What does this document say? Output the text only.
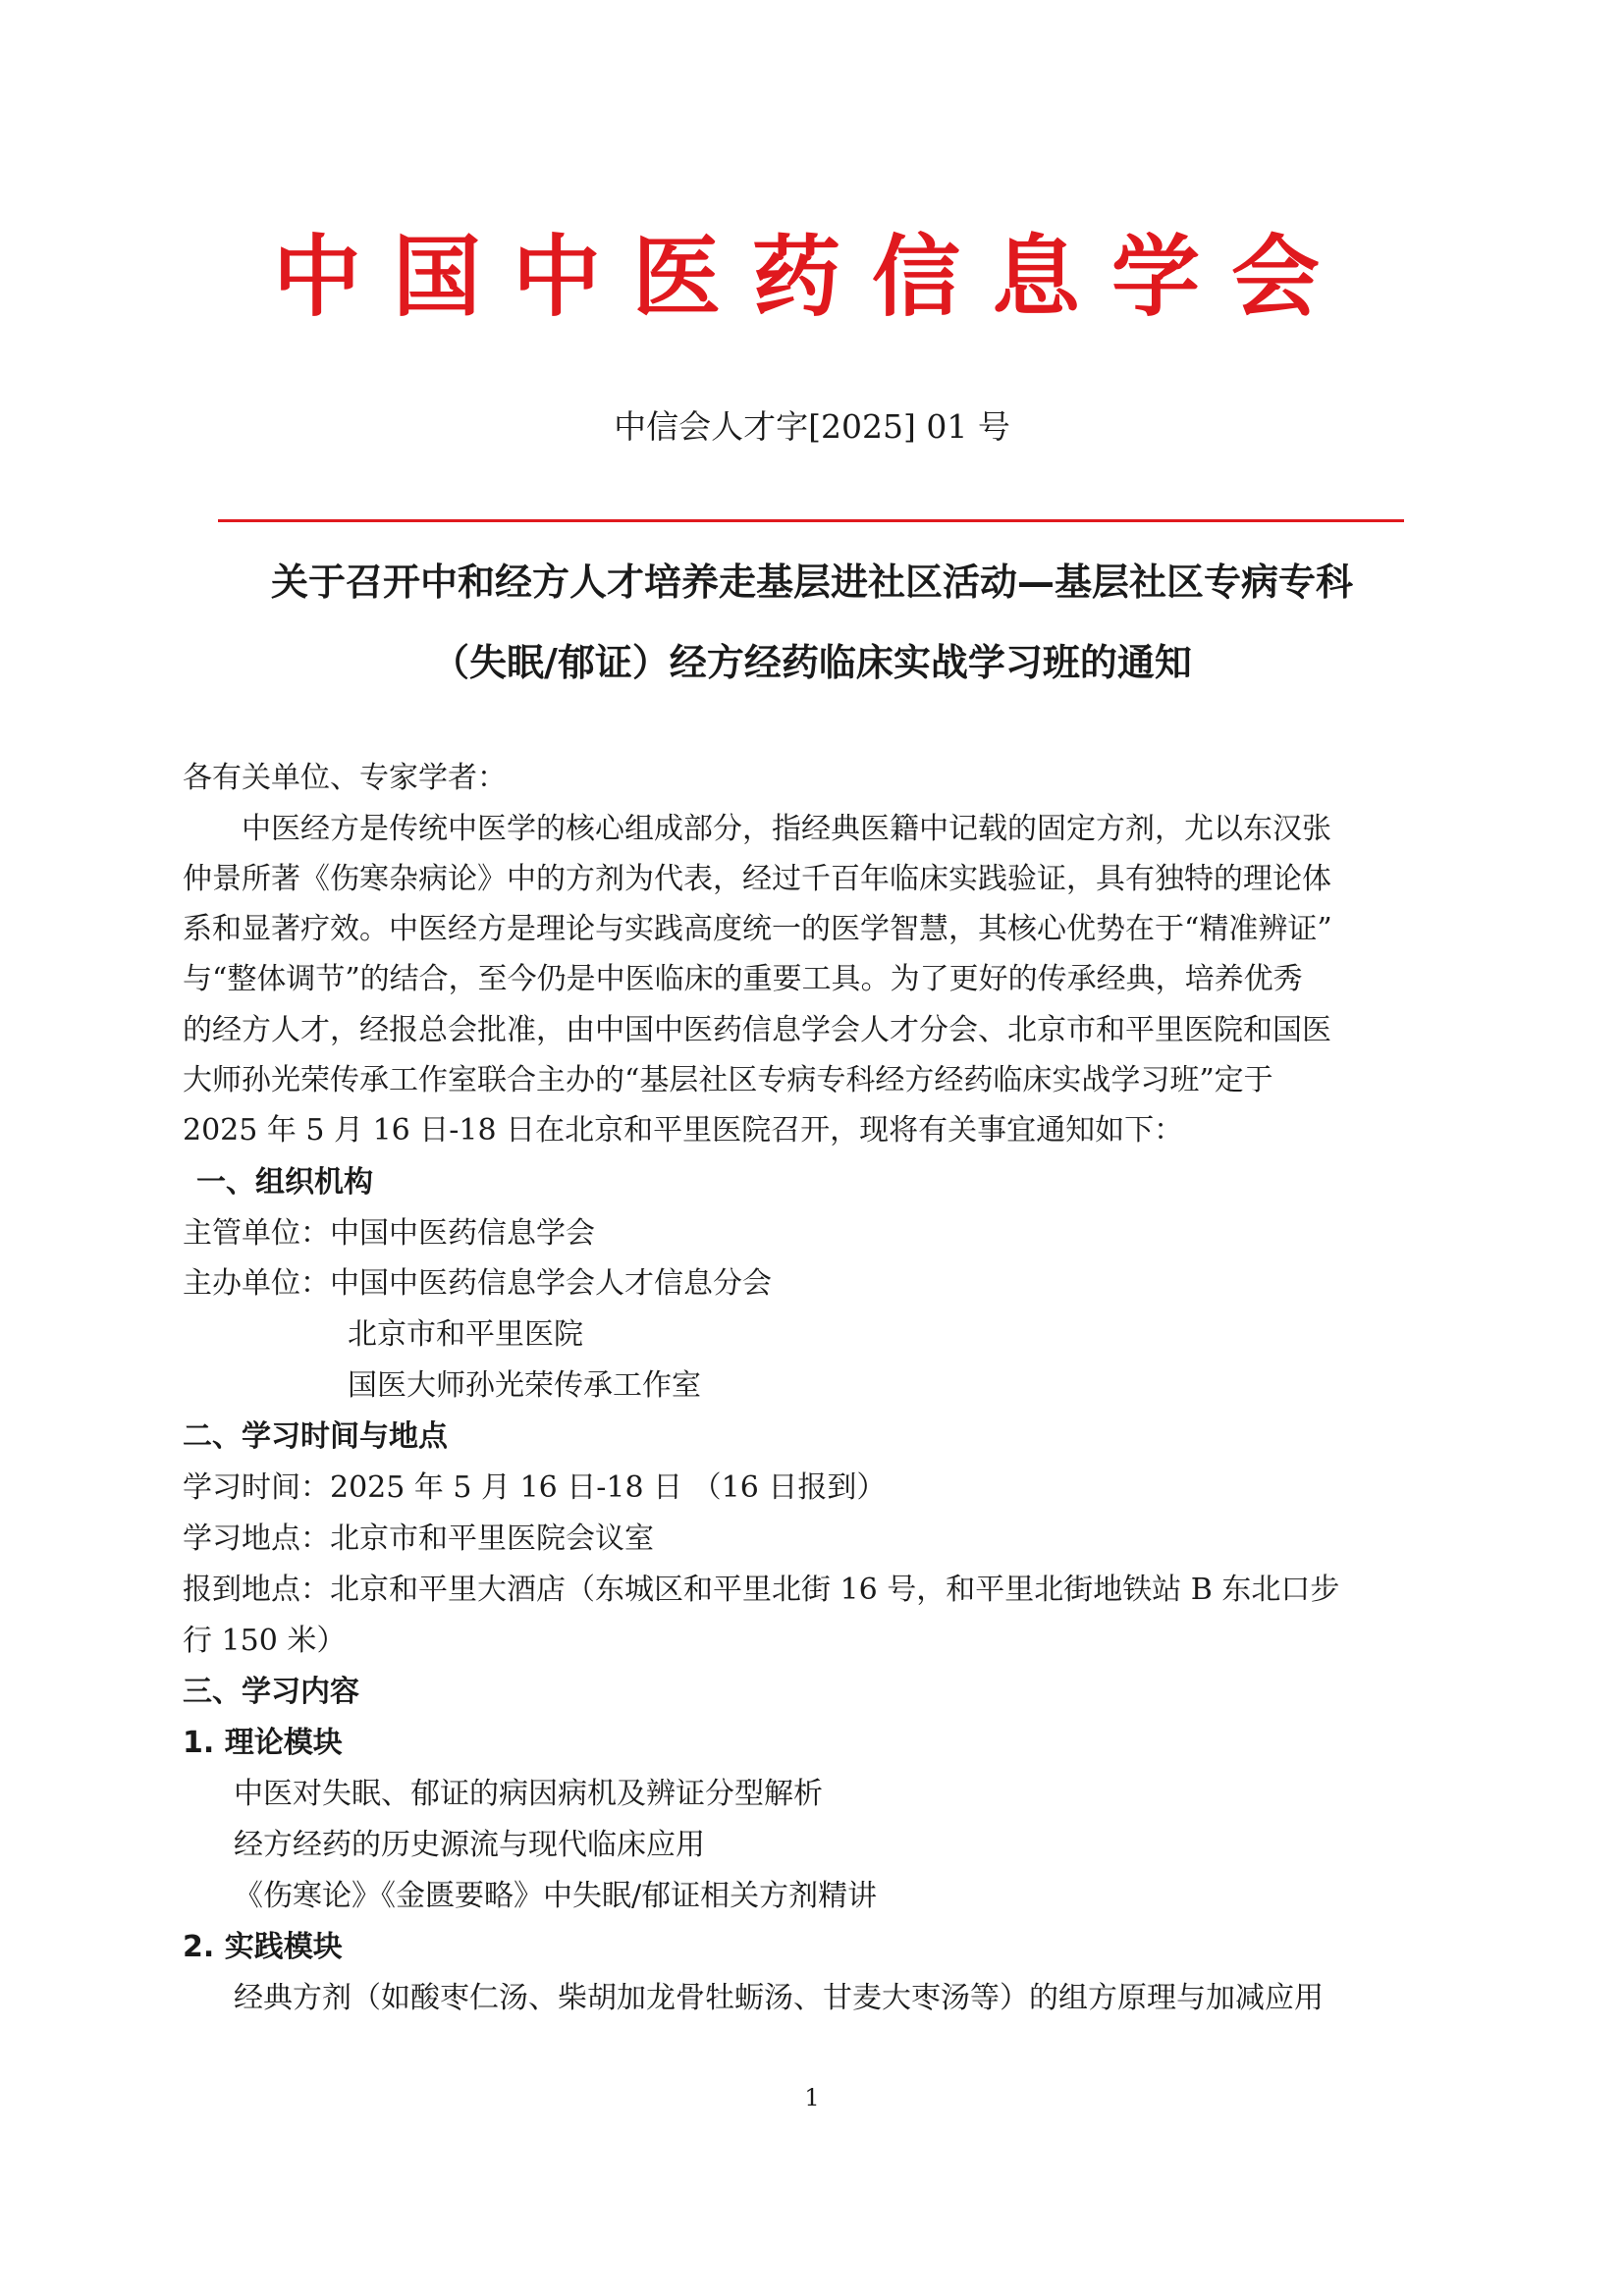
中国中医药信息学会

中信会人才字[2025] 01 号

关于召开中和经方人才培养走基层进社区活动—基层社区专病专科
（失眠/郁证）经方经药临床实战学习班的通知

各有关单位、专家学者：

中医经方是传统中医学的核心组成部分，指经典医籍中记载的固定方剂，尤以东汉张

仲景所著《伤寒杂病论》中的方剂为代表，经过千百年临床实践验证，具有独特的理论体

系和显著疗效。中医经方是理论与实践高度统一的医学智慧，其核心优势在于“精准辨证”

与“整体调节”的结合，至今仍是中医临床的重要工具。为了更好的传承经典，培养优秀

的经方人才，经报总会批准，由中国中医药信息学会人才分会、北京市和平里医院和国医

大师孙光荣传承工作室联合主办的“基层社区专病专科经方经药临床实战学习班”定于

2025 年 5 月 16 日-18 日在北京和平里医院召开，现将有关事宜通知如下：

一、组织机构

主管单位：中国中医药信息学会

主办单位：中国中医药信息学会人才信息分会

北京市和平里医院

国医大师孙光荣传承工作室

二、学习时间与地点

学习时间：2025 年 5 月 16 日-18 日 （16 日报到）

学习地点：北京市和平里医院会议室

报到地点：北京和平里大酒店（东城区和平里北街 16 号，和平里北街地铁站 B 东北口步

行 150 米）

三、学习内容

1. 理论模块

中医对失眠、郁证的病因病机及辨证分型解析

经方经药的历史源流与现代临床应用

《伤寒论》《金匮要略》中失眠/郁证相关方剂精讲

2. 实践模块

经典方剂（如酸枣仁汤、柴胡加龙骨牡蛎汤、甘麦大枣汤等）的组方原理与加减应用

1
